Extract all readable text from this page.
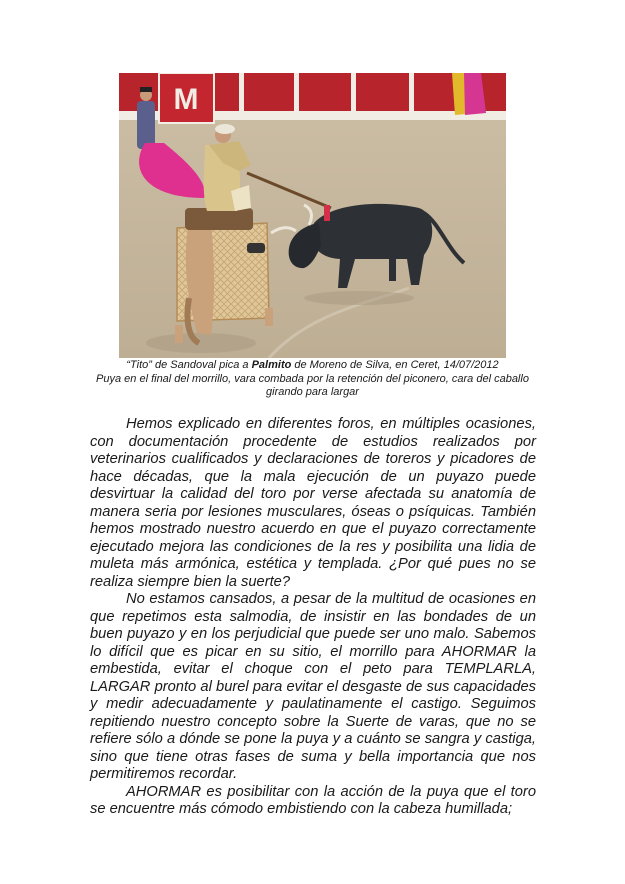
M

“Tito” de Sandoval pica a Palmito de Moreno de Silva, en Ceret, 14/07/2012

Puya en el final del morrillo, vara combada por la retención del piconero, cara del caballo girando para largar

Hemos explicado en diferentes foros, en múltiples ocasiones, con documentación procedente de estudios realizados por veterinarios cualificados y declaraciones de toreros y picadores de hace décadas, que la mala ejecución de un puyazo puede desvirtuar la calidad del toro por verse afectada su anatomía de manera seria por lesiones musculares, óseas o psíquicas. También hemos mostrado nuestro acuerdo en que el puyazo correctamente ejecutado mejora las condiciones de la res y posibilita una lidia de muleta más armónica, estética y templada. ¿Por qué pues no se realiza siempre bien la suerte?

No estamos cansados, a pesar de la multitud de ocasiones en que repetimos esta salmodia, de insistir en las bondades de un buen puyazo y en los perjudicial que puede ser uno malo. Sabemos lo difícil que es picar en su sitio, el morrillo para AHORMAR la embestida, evitar el choque con el peto para TEMPLARLA, LARGAR pronto al burel para evitar el desgaste de sus capacidades y medir adecuadamente y paulatinamente el castigo. Seguimos repitiendo nuestro concepto sobre la Suerte de varas, que no se refiere sólo a dónde se pone la puya y a cuánto se sangra y castiga, sino que tiene otras fases de suma y bella importancia que nos permitiremos recordar.

AHORMAR es posibilitar con la acción de la puya que el toro se encuentre más cómodo embistiendo con la cabeza humillada;
